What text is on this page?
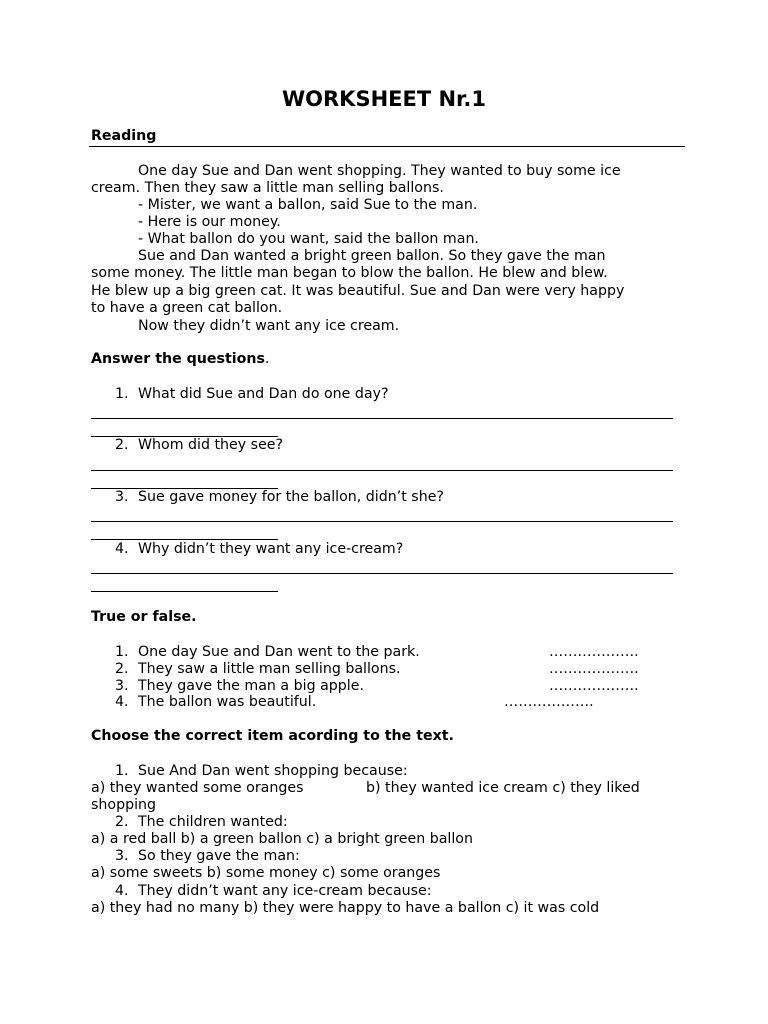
WORKSHEET Nr.1
Reading
One day Sue and Dan went shopping. They wanted to buy some ice
cream. Then they saw a little man selling ballons.
- Mister, we want a ballon, said Sue to the man.
- Here is our money.
- What ballon do you want, said the ballon man.
Sue and Dan wanted a bright green ballon. So they gave the man
some money. The little man began to blow the ballon. He blew and blew.
He blew up a big green cat. It was beautiful. Sue and Dan were very happy
to have a green cat ballon.
Now they didn’t want any ice cream.
Answer the questions.
1. What did Sue and Dan do one day?
2. Whom did they see?
3. Sue gave money for the ballon, didn’t she?
4. Why didn’t they want any ice-cream?
True or false.
1. One day Sue and Dan went to the park.	……………….
2. They saw a little man selling ballons.	……………….
3. They gave the man a big apple.	……………….
4. The ballon was beautiful.	……………….
Choose the correct item acording to the text.
1. Sue And Dan went shopping because:
a) they wanted some oranges	b) they wanted ice cream c) they liked
shopping
2. The children wanted:
a) a red ball b) a green ballon c) a bright green ballon
3. So they gave the man:
a) some sweets b) some money c) some oranges
4. They didn’t want any ice-cream because:
a) they had no many b) they were happy to have a ballon c) it was cold
